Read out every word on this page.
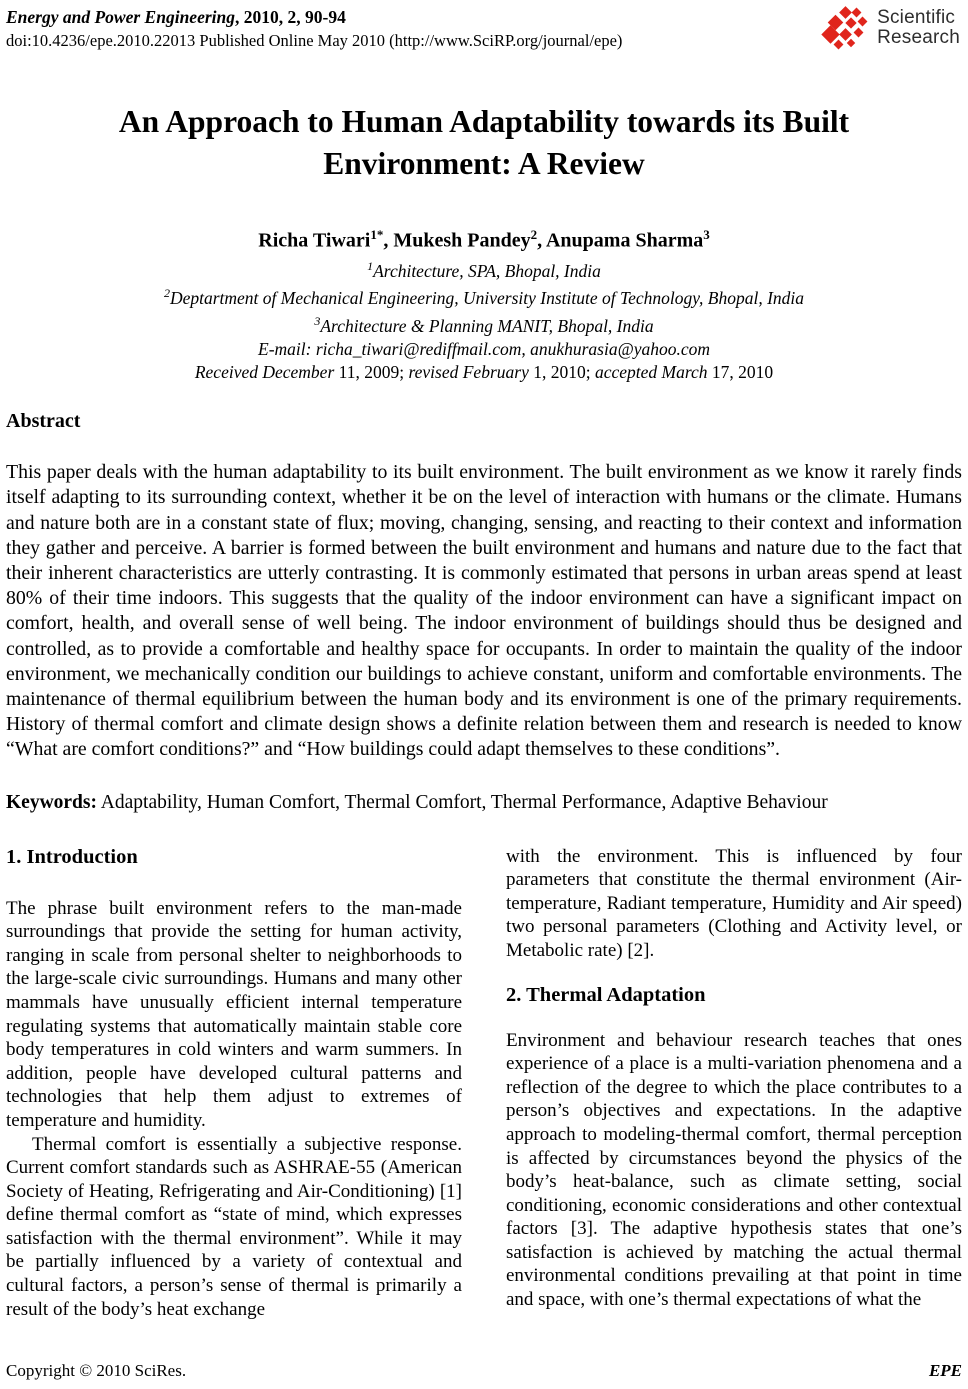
Energy and Power Engineering, 2010, 2, 90-94
doi:10.4236/epe.2010.22013 Published Online May 2010 (http://www.SciRP.org/journal/epe)
Scientific
Research
An Approach to Human Adaptability towards its Built Environment: A Review
Richa Tiwari$^{1*}$, Mukesh Pandey$^2$, Anupama Sharma$^3$
$^1$Architecture, SPA, Bhopal, India
$^2$Deptartment of Mechanical Engineering, University Institute of Technology, Bhopal, India
$^3$Architecture & Planning MANIT, Bhopal, India
E-mail: richa_tiwari@rediffmail.com, anukhurasia@yahoo.com
Received December 11, 2009; revised February 1, 2010; accepted March 17, 2010
Abstract

This paper deals with the human adaptability to its built environment. The built environment as we know it rarely finds itself adapting to its surrounding context, whether it be on the level of interaction with humans or the climate. Humans and nature both are in a constant state of flux; moving, changing, sensing, and reacting to their context and information they gather and perceive. A barrier is formed between the built environment and humans and nature due to the fact that their inherent characteristics are utterly contrasting. It is commonly estimated that persons in urban areas spend at least 80% of their time indoors. This suggests that the quality of the indoor environment can have a significant impact on comfort, health, and overall sense of well being. The indoor environment of buildings should thus be designed and controlled, as to provide a comfortable and healthy space for occupants. In order to maintain the quality of the indoor environment, we mechanically condition our buildings to achieve constant, uniform and comfortable environments. The maintenance of thermal equilibrium between the human body and its environment is one of the primary requirements. History of thermal comfort and climate design shows a definite relation between them and research is needed to know “What are comfort conditions?” and “How buildings could adapt themselves to these conditions”.

Keywords: Adaptability, Human Comfort, Thermal Comfort, Thermal Performance, Adaptive Behaviour

1. Introduction

The phrase built environment refers to the man-made surroundings that provide the setting for human activity, ranging in scale from personal shelter to neighborhoods to the large-scale civic surroundings. Humans and many other mammals have unusually efficient internal temperature regulating systems that automatically maintain stable core body temperatures in cold winters and warm summers. In addition, people have developed cultural patterns and technologies that help them adjust to extremes of temperature and humidity.

Thermal comfort is essentially a subjective response. Current comfort standards such as ASHRAE-55 (American Society of Heating, Refrigerating and Air-Conditioning) [1] define thermal comfort as “state of mind, which expresses satisfaction with the thermal environment”. While it may be partially influenced by a variety of contextual and cultural factors, a person’s sense of thermal is primarily a result of the body’s heat exchange

with the environment. This is influenced by four parameters that constitute the thermal environment (Air-temperature, Radiant temperature, Humidity and Air speed) two personal parameters (Clothing and Activity level, or Metabolic rate) [2].

2. Thermal Adaptation

Environment and behaviour research teaches that ones experience of a place is a multi-variation phenomena and a reflection of the degree to which the place contributes to a person’s objectives and expectations. In the adaptive approach to modeling-thermal comfort, thermal perception is affected by circumstances beyond the physics of the body’s heat-balance, such as climate setting, social conditioning, economic considerations and other contextual factors [3]. The adaptive hypothesis states that one’s satisfaction is achieved by matching the actual thermal environmental conditions prevailing at that point in time and space, with one’s thermal expectations of what the

Copyright © 2010 SciRes.	EPE
